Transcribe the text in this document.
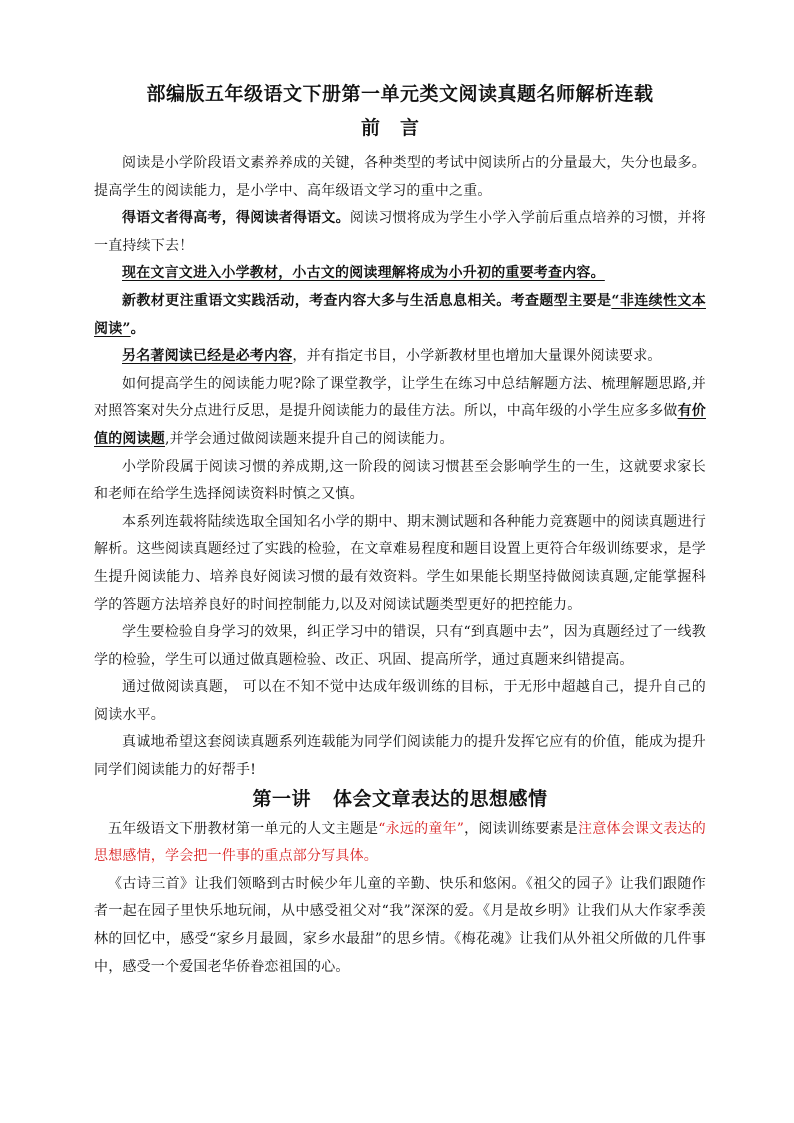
部编版五年级语文下册第一单元类文阅读真题名师解析连载
前言

阅读是小学阶段语文素养养成的关键，各种类型的考试中阅读所占的分量最大，失分也最多。提高学生的阅读能力，是小学中、高年级语文学习的重中之重。

得语文者得高考，得阅读者得语文。阅读习惯将成为学生小学入学前后重点培养的习惯，并将一直持续下去！

现在文言文进入小学教材，小古文的阅读理解将成为小升初的重要考查内容。

新教材更注重语文实践活动，考查内容大多与生活息息相关。考查题型主要是“非连续性文本阅读”。

另名著阅读已经是必考内容，并有指定书目，小学新教材里也增加大量课外阅读要求。

如何提高学生的阅读能力呢?除了课堂教学，让学生在练习中总结解题方法、梳理解题思路,并对照答案对失分点进行反思，是提升阅读能力的最佳方法。所以，中高年级的小学生应多多做有价值的阅读题,并学会通过做阅读题来提升自己的阅读能力。

小学阶段属于阅读习惯的养成期,这一阶段的阅读习惯甚至会影响学生的一生，这就要求家长和老师在给学生选择阅读资料时慎之又慎。

本系列连载将陆续选取全国知名小学的期中、期末测试题和各种能力竞赛题中的阅读真题进行解析。这些阅读真题经过了实践的检验，在文章难易程度和题目设置上更符合年级训练要求，是学生提升阅读能力、培养良好阅读习惯的最有效资料。学生如果能长期坚持做阅读真题,定能掌握科学的答题方法培养良好的时间控制能力,以及对阅读试题类型更好的把控能力。

学生要检验自身学习的效果，纠正学习中的错误，只有“到真题中去”，因为真题经过了一线教学的检验，学生可以通过做真题检验、改正、巩固、提高所学，通过真题来纠错提高。

通过做阅读真题， 可以在不知不觉中达成年级训练的目标，于无形中超越自己，提升自己的阅读水平。

真诚地希望这套阅读真题系列连载能为同学们阅读能力的提升发挥它应有的价值，能成为提升同学们阅读能力的好帮手!

第一讲 体会文章表达的思想感情

五年级语文下册教材第一单元的人文主题是“永远的童年”，阅读训练要素是注意体会课文表达的思想感情，学会把一件事的重点部分写具体。

《古诗三首》让我们领略到古时候少年儿童的辛勤、快乐和悠闲。《祖父的园子》让我们跟随作者一起在园子里快乐地玩闹，从中感受祖父对“我”深深的爱。《月是故乡明》让我们从大作家季羡林的回忆中，感受“家乡月最圆，家乡水最甜”的思乡情。《梅花魂》让我们从外祖父所做的几件事中，感受一个爱国老华侨眷恋祖国的心。
